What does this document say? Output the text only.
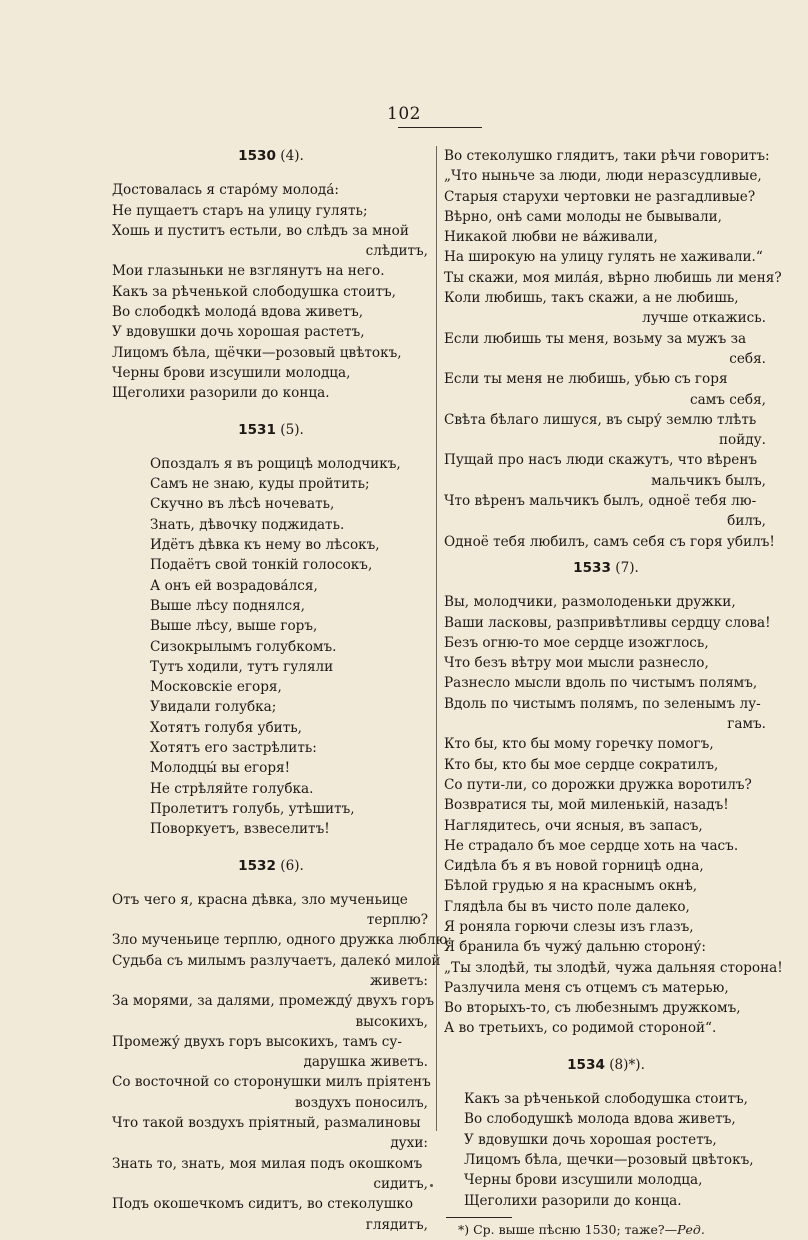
102

1530 (4).

Достовалась я старо́му молода́:
Не пущаетъ старъ на улицу гулять;
Хошь и пуститъ естьли, во слѣдъ за мной
слѣдитъ,
Мои глазыньки не взглянутъ на него.
Какъ за рѣченькой слободушка стоитъ,
Во слободкѣ молода́ вдова живетъ,
У вдовушки дочь хорошая растетъ,
Лицомъ бѣла, щёчки—розовый цвѣтокъ,
Черны брови изсушили молодца,
Щеголихи разорили до конца.

1531 (5).

Опоздалъ я въ рощицѣ молодчикъ,
Самъ не знаю, куды пройтить;
Скучно въ лѣсѣ ночевать,
Знать, дѣвочку поджидать.
Идётъ дѣвка къ нему во лѣсокъ,
Подаётъ свой тонкій голосокъ,
А онъ ей возрадова́лся,
Выше лѣсу поднялся,
Выше лѣсу, выше горъ,
Сизокрылымъ голубкомъ.
Тутъ ходили, тутъ гуляли
Московскіе егоря,
Увидали голубка;
Хотятъ голубя убить,
Хотятъ его застрѣлить:
Молодцы́ вы егоря!
Не стрѣляйте голубка.
Пролетитъ голубь, утѣшитъ,
Поворкуетъ, взвеселитъ!

1532 (6).

Отъ чего я, красна дѣвка, зло мученьице
терплю?
Зло мученьице терплю, одного дружка люблю:
Судьба съ милымъ разлучаетъ, далеко́ милой
живетъ:
За морями, за далями, промежду́ двухъ горъ
высокихъ,
Промежу́ двухъ горъ высокихъ, тамъ су-
дарушка живетъ.
Со восточной со сторонушки милъ пріятенъ
воздухъ поносилъ,
Что такой воздухъ пріятный, размалиновы
духи:
Знать то, знать, моя милая подъ окошкомъ
сидитъ,
Подъ окошечкомъ сидитъ, во стеколушко
глядитъ,
Во стеколушко глядитъ, таки рѣчи говоритъ:
„Что ныньче за люди, люди неразсудливые,
Старыя старухи чертовки не разгадливые?
Вѣрно, онѣ сами молоды не бывывали,
Никакой любви не ва́живали,
На широкую на улицу гулять не хаживали.“
Ты скажи, моя мила́я, вѣрно любишь ли меня?
Коли любишь, такъ скажи, а не любишь,
лучше откажись.
Если любишь ты меня, возьму за мужъ за
себя.
Если ты меня не любишь, убью съ горя
самъ себя,
Свѣта бѣлаго лишуся, въ сыру́ землю тлѣть
пойду.
Пущай про насъ люди скажутъ, что вѣренъ
мальчикъ былъ,
Что вѣренъ мальчикъ былъ, одноё тебя лю-
билъ,
Одноё тебя любилъ, самъ себя съ горя убилъ!

1533 (7).

Вы, молодчики, размолоденьки дружки,
Ваши ласковы, разпривѣтливы сердцу слова!
Безъ огню-то мое сердце изожглось,
Что безъ вѣтру мои мысли разнесло,
Разнесло мысли вдоль по чистымъ полямъ,
Вдоль по чистымъ полямъ, по зеленымъ лу-
гамъ.
Кто бы, кто бы мому горечку помогъ,
Кто бы, кто бы мое сердце сократилъ,
Со пути-ли, со дорожки дружка воротилъ?
Возвратися ты, мой миленькій, назадъ!
Наглядитесь, очи ясныя, въ запасъ,
Не страдало бъ мое сердце хоть на часъ.
Сидѣла бъ я въ новой горницѣ одна,
Бѣлой грудью я на краснымъ окнѣ,
Глядѣла бы въ чисто поле далеко,
Я роняла горючи слезы изъ глазъ,
Я бранила бъ чужу́ дальню сторону́:
„Ты злодѣй, ты злодѣй, чужа дальняя сторона!
Разлучила меня съ отцемъ съ матерью,
Во вторыхъ-то, съ любезнымъ дружкомъ,
А во третьихъ, со родимой стороной“.

1534 (8)*).

Какъ за рѣченькой слободушка стоитъ,
Во слободушкѣ молода вдова живетъ,
У вдовушки дочь хорошая ростетъ,
Лицомъ бѣла, щечки—розовый цвѣтокъ,
Черны брови изсушили молодца,
Щеголихи разорили до конца.

*) Ср. выше пѣсню 1530; таже?—Ред.
